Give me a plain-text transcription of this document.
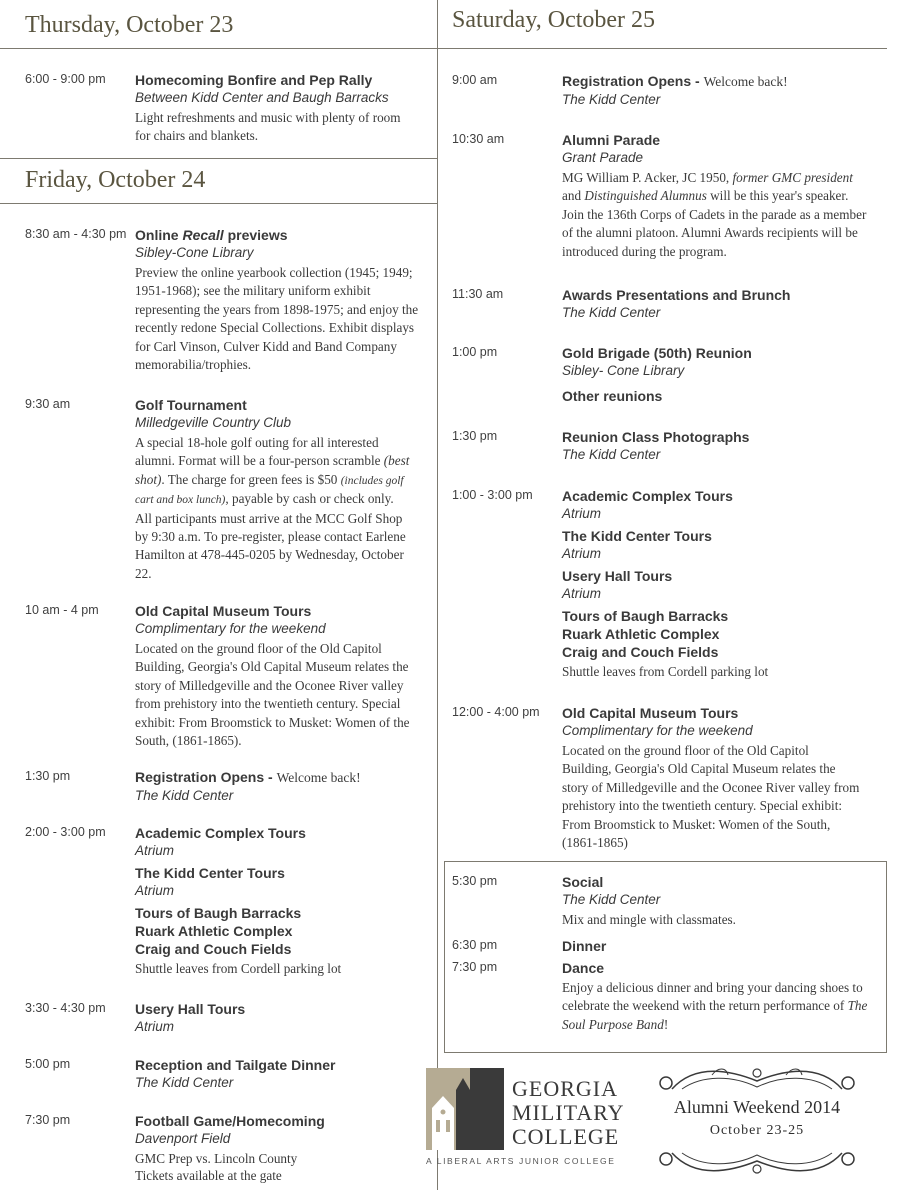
Thursday, October 23
Friday, October 24
Saturday, October 25
6:00 - 9:00 pm Homecoming Bonfire and Pep Rally
Between Kidd Center and Baugh Barracks
Light refreshments and music with plenty of room for chairs and blankets.
8:30 am - 4:30 pm Online Recall previews
Sibley-Cone Library
Preview the online yearbook collection (1945; 1949; 1951-1968); see the military uniform exhibit representing the years from 1898-1975; and enjoy the recently redone Special Collections. Exhibit displays for Carl Vinson, Culver Kidd and Band Company memorabilia/trophies.
9:30 am	Golf Tournament
Milledgeville Country Club
A special 18-hole golf outing for all interested alumni. Format will be a four-person scramble (best shot). The charge for green fees is $50 (includes golf cart and box lunch), payable by cash or check only. All participants must arrive at the MCC Golf Shop by 9:30 a.m. To pre-register, please contact Earlene Hamilton at 478-445-0205 by Wednesday, October 22.
10 am - 4 pm	Old Capital Museum Tours
Complimentary for the weekend
Located on the ground floor of the Old Capitol Building, Georgia's Old Capital Museum relates the story of Milledgeville and the Oconee River valley from prehistory into the twentieth century. Special exhibit: From Broomstick to Musket: Women of the South, (1861-1865).
1:30 pm	Registration Opens - Welcome back!
The Kidd Center
2:00 - 3:00 pm Academic Complex Tours
Atrium
The Kidd Center Tours
Atrium
Tours of Baugh Barracks
Ruark Athletic Complex
Craig and Couch Fields
Shuttle leaves from Cordell parking lot
3:30 - 4:30 pm Usery Hall Tours
Atrium
5:00 pm	Reception and Tailgate Dinner
The Kidd Center
7:30 pm	Football Game/Homecoming
Davenport Field
GMC Prep vs. Lincoln County
Tickets available at the gate
9:00 am	Registration Opens - Welcome back!
The Kidd Center
10:30 am	Alumni Parade
Grant Parade
MG William P. Acker, JC 1950, former GMC president and Distinguished Alumnus will be this year's speaker. Join the 136th Corps of Cadets in the parade as a member of the alumni platoon. Alumni Awards recipients will be introduced during the program.
11:30 am	Awards Presentations and Brunch
The Kidd Center
1:00 pm	Gold Brigade (50th) Reunion
Sibley- Cone Library
Other reunions
1:30 pm	Reunion Class Photographs
The Kidd Center
1:00 - 3:00 pm Academic Complex Tours
Atrium
The Kidd Center Tours
Atrium
Usery Hall Tours
Atrium
Tours of Baugh Barracks
Ruark Athletic Complex
Craig and Couch Fields
Shuttle leaves from Cordell parking lot
12:00 - 4:00 pm Old Capital Museum Tours
Complimentary for the weekend
Located on the ground floor of the Old Capitol Building, Georgia's Old Capital Museum relates the story of Milledgeville and the Oconee River valley from prehistory into the twentieth century. Special exhibit: From Broomstick to Musket: Women of the South, (1861-1865)
5:30 pm	Social
The Kidd Center
Mix and mingle with classmates.
6:30 pm	Dinner
7:30 pm	Dance
Enjoy a delicious dinner and bring your dancing shoes to celebrate the weekend with the return performance of The Soul Purpose Band!
GEORGIA
MILITARY
COLLEGE
A LIBERAL ARTS JUNIOR COLLEGE
Alumni Weekend 2014
October 23-25
